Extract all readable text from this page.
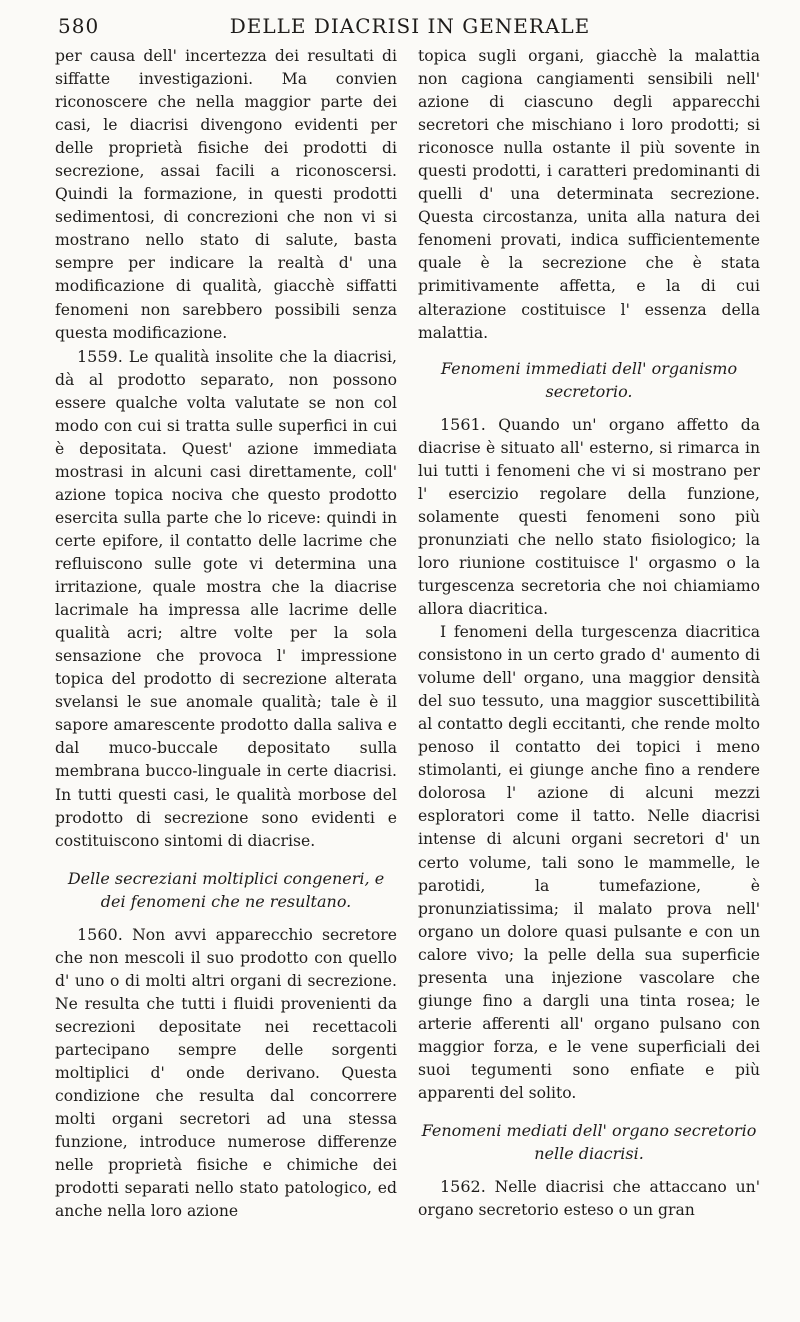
580	DELLE DIACRISI IN GENERALE

per causa dell' incertezza dei resultati di siffatte investigazioni. Ma convien riconoscere che nella maggior parte dei casi, le diacrisi divengono evidenti per delle proprietà fisiche dei prodotti di secrezione, assai facili a riconoscersi. Quindi la formazione, in questi prodotti sedimentosi, di concrezioni che non vi si mostrano nello stato di salute, basta sempre per indicare la realtà d' una modificazione di qualità, giacchè siffatti fenomeni non sarebbero possibili senza questa modificazione.

1559. Le qualità insolite che la diacrisi, dà al prodotto separato, non possono essere qualche volta valutate se non col modo con cui si tratta sulle superfici in cui è depositata. Quest' azione immediata mostrasi in alcuni casi direttamente, coll' azione topica nociva che questo prodotto esercita sulla parte che lo riceve: quindi in certe epifore, il contatto delle lacrime che refluiscono sulle gote vi determina una irritazione, quale mostra che la diacrise lacrimale ha impressa alle lacrime delle qualità acri; altre volte per la sola sensazione che provoca l' impressione topica del prodotto di secrezione alterata svelansi le sue anomale qualità; tale è il sapore amarescente prodotto dalla saliva e dal muco-buccale depositato sulla membrana bucco-linguale in certe diacrisi. In tutti questi casi, le qualità morbose del prodotto di secrezione sono evidenti e costituiscono sintomi di diacrise.

Delle secreziani moltiplici congeneri, e dei fenomeni che ne resultano.

1560. Non avvi apparecchio secretore che non mescoli il suo prodotto con quello d' uno o di molti altri organi di secrezione. Ne resulta che tutti i fluidi provenienti da secrezioni depositate nei recettacoli partecipano sempre delle sorgenti moltiplici d' onde derivano. Questa condizione che resulta dal concorrere molti organi secretori ad una stessa funzione, introduce numerose differenze nelle proprietà fisiche e chimiche dei prodotti separati nello stato patologico, ed anche nella loro azione

topica sugli organi, giacchè la malattia non cagiona cangiamenti sensibili nell' azione di ciascuno degli apparecchi secretori che mischiano i loro prodotti; si riconosce nulla ostante il più sovente in questi prodotti, i caratteri predominanti di quelli d' una determinata secrezione. Questa circostanza, unita alla natura dei fenomeni provati, indica sufficientemente quale è la secrezione che è stata primitivamente affetta, e la di cui alterazione costituisce l' essenza della malattia.

Fenomeni immediati dell' organismo secretorio.

1561. Quando un' organo affetto da diacrise è situato all' esterno, si rimarca in lui tutti i fenomeni che vi si mostrano per l' esercizio regolare della funzione, solamente questi fenomeni sono più pronunziati che nello stato fisiologico; la loro riunione costituisce l' orgasmo o la turgescenza secretoria che noi chiamiamo allora diacritica.

I fenomeni della turgescenza diacritica consistono in un certo grado d' aumento di volume dell' organo, una maggior densità del suo tessuto, una maggior suscettibilità al contatto degli eccitanti, che rende molto penoso il contatto dei topici i meno stimolanti, ei giunge anche fino a rendere dolorosa l' azione di alcuni mezzi esploratori come il tatto. Nelle diacrisi intense di alcuni organi secretori d' un certo volume, tali sono le mammelle, le parotidi, la tumefazione, è pronunziatissima; il malato prova nell' organo un dolore quasi pulsante e con un calore vivo; la pelle della sua superficie presenta una injezione vascolare che giunge fino a dargli una tinta rosea; le arterie afferenti all' organo pulsano con maggior forza, e le vene superficiali dei suoi tegumenti sono enfiate e più apparenti del solito.

Fenomeni mediati dell' organo secretorio nelle diacrisi.

1562. Nelle diacrisi che attaccano un' organo secretorio esteso o un gran
